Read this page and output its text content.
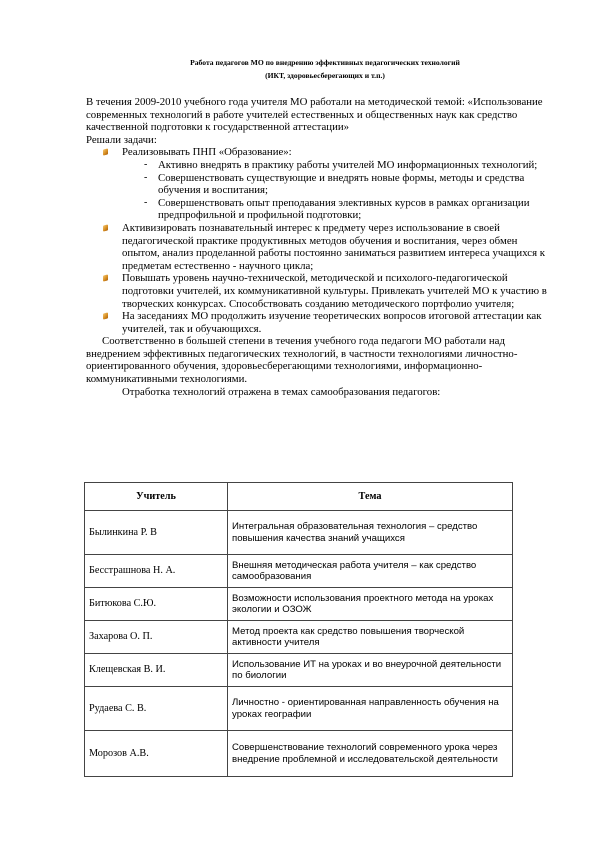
Работа педагогов МО по внедрению эффективных педагогических технологий
(ИКТ, здоровьесберегающих и т.п.)

В течения 2009-2010 учебного года учителя МО работали на методической темой: «Использование современных технологий в работе учителей естественных и общественных наук как средство качественной подготовки к государственной аттестации»

Решали задачи:

Реализовывать ПНП «Образование»:
- Активно внедрять в практику работы учителей МО информационных технологий;
- Совершенствовать существующие и внедрять новые формы, методы и средства обучения и воспитания;
- Совершенствовать опыт преподавания элективных курсов в рамках организации предпрофильной и профильной подготовки;
Активизировать познавательный интерес к предмету через использование в своей педагогической практике продуктивных методов обучения и воспитания, через обмен опытом, анализ проделанной работы постоянно заниматься развитием интереса учащихся к предметам естественно - научного цикла;
Повышать уровень научно-технической, методической и психолого-педагогической подготовки учителей, их коммуникативной культуры. Привлекать учителей МО к участию в творческих конкурсах. Способствовать созданию методического портфолио учителя;
На заседаниях МО продолжить изучение теоретических вопросов итоговой аттестации как учителей, так и обучающихся.

Соответственно в большей степени в течения учебного года педагоги МО работали над внедрением эффективных педагогических технологий, в частности технологиями личностно-ориентированного обучения, здоровьесберегающими технологиями, информационно-коммуникативными технологиями.

Отработка технологий отражена в темах самообразования педагогов:

Учитель	Тема
Былинкина Р. В	Интегральная образовательная технология – средство повышения качества знаний учащихся
Бесстрашнова Н. А.	Внешняя методическая работа учителя – как средство самообразования
Битюкова С.Ю.	Возможности использования проектного метода на уроках экологии и ОЗОЖ
Захарова О. П.	Метод проекта как средство повышения творческой активности учителя
Клещевская В. И.	Использование ИТ на уроках и во внеурочной деятельности по биологии
Рудаева С. В.	Личностно - ориентированная направленность обучения на уроках географии
Морозов А.В.	Совершенствование технологий современного урока через внедрение проблемной и исследовательской деятельности
